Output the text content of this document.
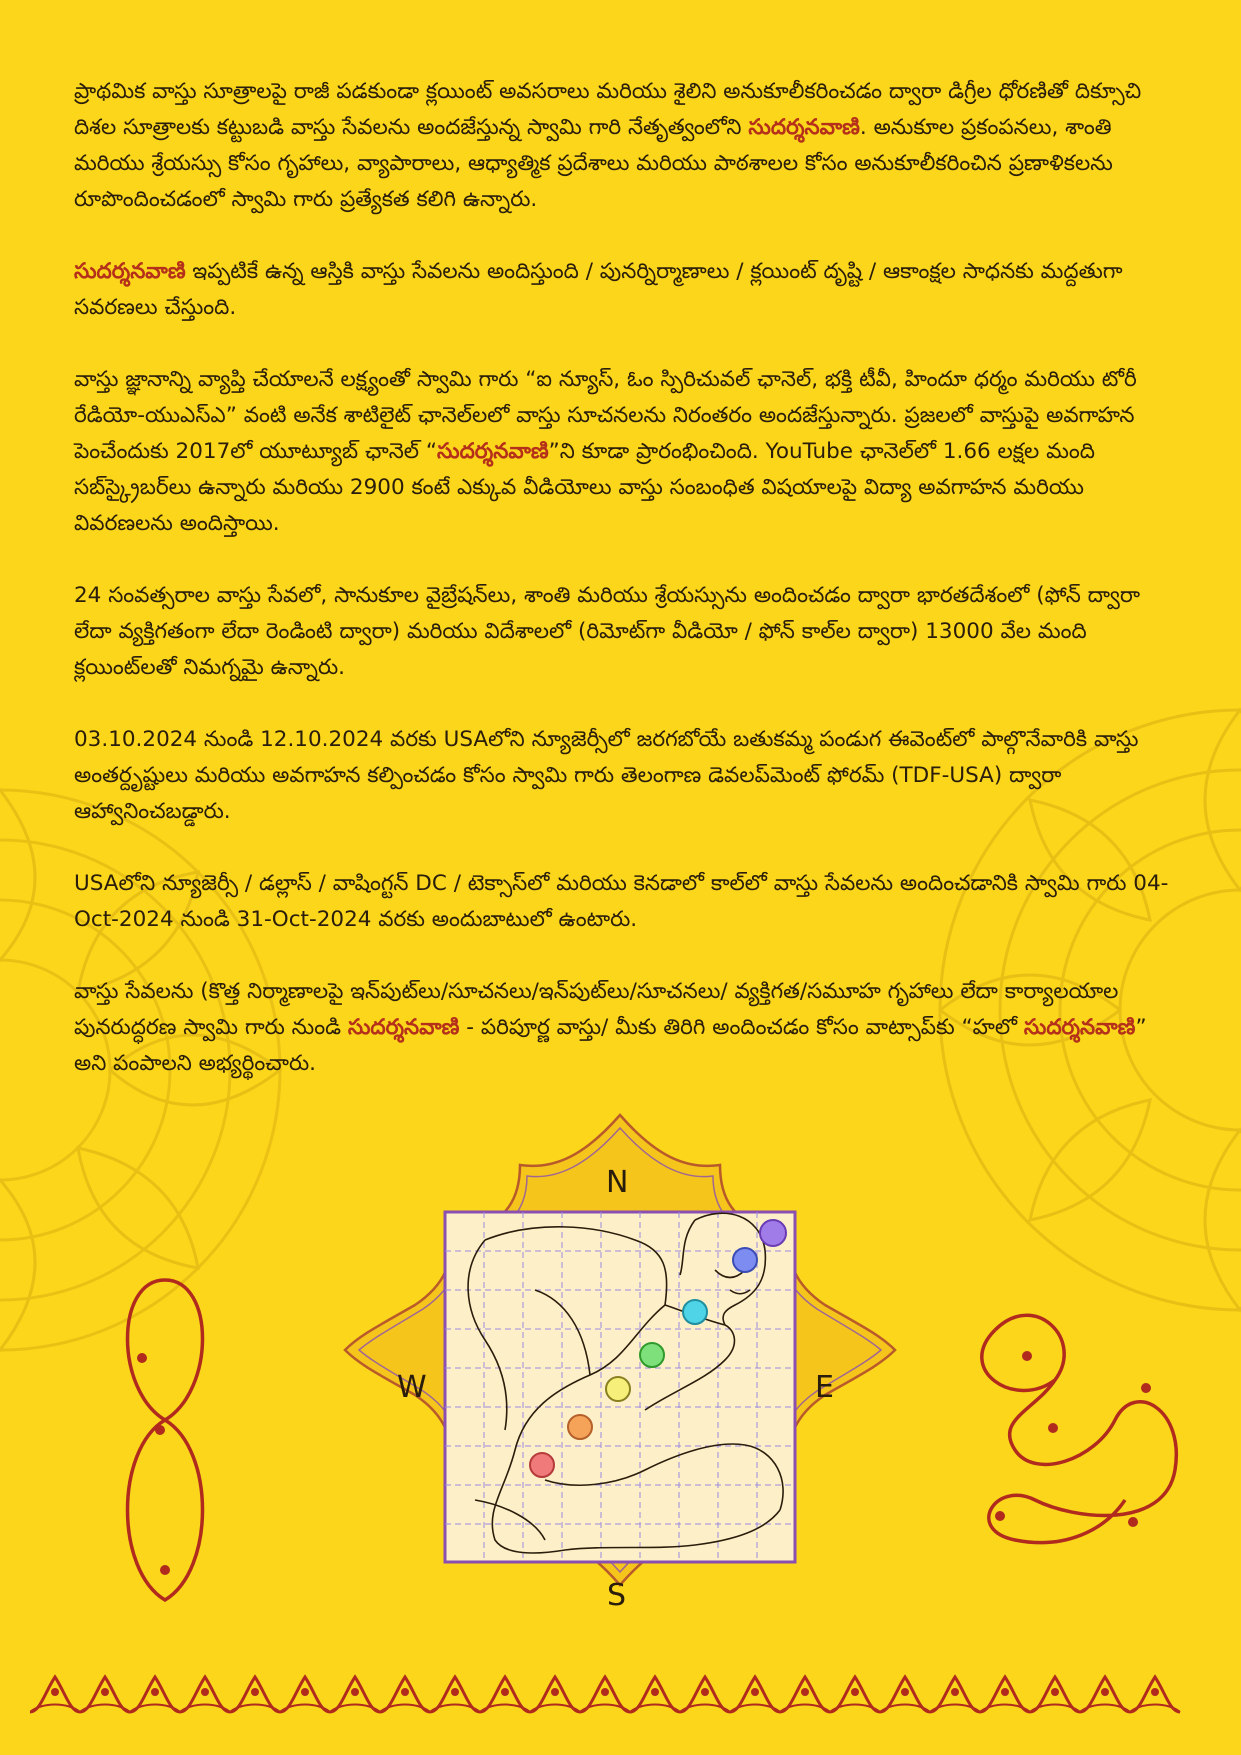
ప్రాథమిక వాస్తు సూత్రాలపై రాజీ పడకుండా క్లయింట్ అవసరాలు మరియు శైలిని అనుకూలీకరించడం ద్వారా డిగ్రీల ధోరణితో దిక్సూచి దిశల సూత్రాలకు కట్టుబడి వాస్తు సేవలను అందజేస్తున్న స్వామి గారి నేతృత్వంలోని సుదర్శనవాణి. అనుకూల ప్రకంపనలు, శాంతి మరియు శ్రేయస్సు కోసం గృహాలు, వ్యాపారాలు, ఆధ్యాత్మిక ప్రదేశాలు మరియు పాఠశాలల కోసం అనుకూలీకరించిన ప్రణాళికలను రూపొందించడంలో స్వామి గారు ప్రత్యేకత కలిగి ఉన్నారు.

సుదర్శనవాణి ఇప్పటికే ఉన్న ఆస్తికి వాస్తు సేవలను అందిస్తుంది / పునర్నిర్మాణాలు / క్లయింట్ దృష్టి / ఆకాంక్షల సాధనకు మద్దతుగా సవరణలు చేస్తుంది.

వాస్తు జ్ఞానాన్ని వ్యాప్తి చేయాలనే లక్ష్యంతో స్వామి గారు “ఐ న్యూస్, ఓం స్పిరిచువల్ ఛానెల్, భక్తి టీవీ, హిందూ ధర్మం మరియు టోరీ రేడియో-యుఎస్ఎ” వంటి అనేక శాటిలైట్ ఛానెల్‌లలో వాస్తు సూచనలను నిరంతరం అందజేస్తున్నారు. ప్రజలలో వాస్తుపై అవగాహన పెంచేందుకు 2017లో యూట్యూబ్ ఛానెల్ “సుదర్శనవాణి”ని కూడా ప్రారంభించింది. YouTube ఛానెల్‌లో 1.66 లక్షల మంది సబ్‌స్క్రైబర్‌లు ఉన్నారు మరియు 2900 కంటే ఎక్కువ వీడియోలు వాస్తు సంబంధిత విషయాలపై విద్యా అవగాహన మరియు వివరణలను అందిస్తాయి.

24 సంవత్సరాల వాస్తు సేవలో, సానుకూల వైబ్రేషన్‌లు, శాంతి మరియు శ్రేయస్సును అందించడం ద్వారా భారతదేశంలో (ఫోన్ ద్వారా లేదా వ్యక్తిగతంగా లేదా రెండింటి ద్వారా) మరియు విదేశాలలో (రిమోట్‌గా వీడియో / ఫోన్ కాల్‌ల ద్వారా) 13000 వేల మంది క్లయింట్‌లతో నిమగ్నమై ఉన్నారు.

03.10.2024 నుండి 12.10.2024 వరకు USAలోని న్యూజెర్సీలో జరగబోయే బతుకమ్మ పండుగ ఈవెంట్‌లో పాల్గొనేవారికి వాస్తు అంతర్దృష్టులు మరియు అవగాహన కల్పించడం కోసం స్వామి గారు తెలంగాణ డెవలప్‌మెంట్ ఫోరమ్ (TDF-USA) ద్వారా ఆహ్వానించబడ్డారు.

USAలోని న్యూజెర్సీ / డల్లాస్ / వాషింగ్టన్ DC / టెక్సాస్‌లో మరియు కెనడాలో కాల్‌లో వాస్తు సేవలను అందించడానికి స్వామి గారు 04-Oct-2024 నుండి 31-Oct-2024 వరకు అందుబాటులో ఉంటారు.

వాస్తు సేవలను (కొత్త నిర్మాణాలపై ఇన్‌పుట్‌లు/సూచనలు/ఇన్‌పుట్‌లు/సూచనలు/ వ్యక్తిగత/సమూహ గృహాలు లేదా కార్యాలయాల పునరుద్ధరణ స్వామి గారు నుండి సుదర్శనవాణి - పరిపూర్ణ వాస్తు/ మీకు తిరిగి అందించడం కోసం వాట్సాప్‌కు “హలో సుదర్శనవాణి” అని పంపాలని అభ్యర్థించారు.

N
S
W	E
